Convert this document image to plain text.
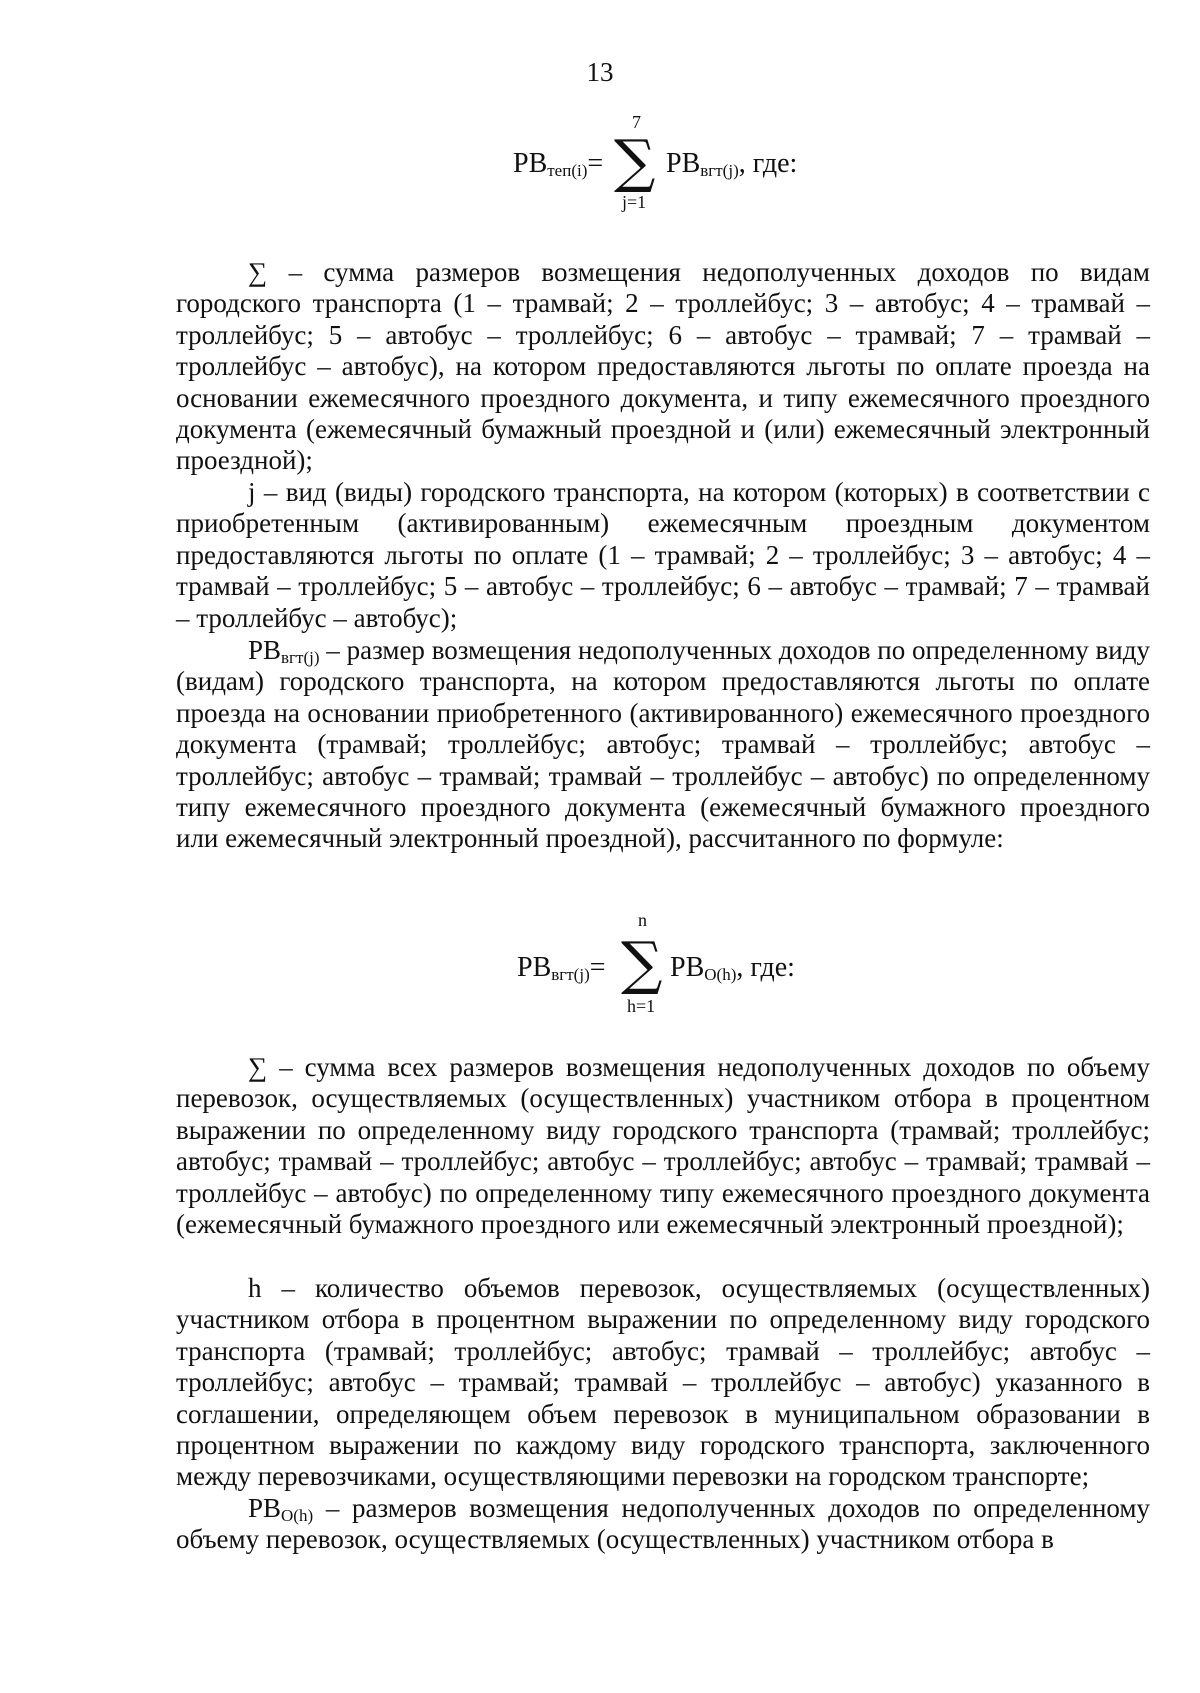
13
$PB_{теп(i)}=$
7
∑
j=1
$PB_{вгт(j)}$, где:

∑ – сумма размеров возмещения недополученных доходов по видам городского транспорта (1 – трамвай; 2 – троллейбус; 3 – автобус; 4 – трамвай – троллейбус; 5 – автобус – троллейбус; 6 – автобус – трамвай; 7 – трамвай – троллейбус – автобус), на котором предоставляются льготы по оплате проезда на основании ежемесячного проездного документа, и типу ежемесячного проездного документа (ежемесячный бумажный проездной и (или) ежемесячный электронный проездной);

j – вид (виды) городского транспорта, на котором (которых) в соответствии с приобретенным (активированным) ежемесячным проездным документом предоставляются льготы по оплате (1 – трамвай; 2 – троллейбус; 3 – автобус; 4 – трамвай – троллейбус; 5 – автобус – троллейбус; 6 – автобус – трамвай; 7 – трамвай – троллейбус – автобус);

$PB_{вгт(j)}$ – размер возмещения недополученных доходов по определенному виду (видам) городского транспорта, на котором предоставляются льготы по оплате проезда на основании приобретенного (активированного) ежемесячного проездного документа (трамвай; троллейбус; автобус; трамвай – троллейбус; автобус – троллейбус; автобус – трамвай; трамвай – троллейбус – автобус) по определенному типу ежемесячного проездного документа (ежемесячный бумажного проездного или ежемесячный электронный проездной), рассчитанного по формуле:

$PB_{вгт(j)}=$
n
∑
h=1
$PB_{O(h)}$, где:

∑ – сумма всех размеров возмещения недополученных доходов по объему перевозок, осуществляемых (осуществленных) участником отбора в процентном выражении по определенному виду городского транспорта (трамвай; троллейбус; автобус; трамвай – троллейбус; автобус – троллейбус; автобус – трамвай; трамвай – троллейбус – автобус) по определенному типу ежемесячного проездного документа (ежемесячный бумажного проездного или ежемесячный электронный проездной);

h – количество объемов перевозок, осуществляемых (осуществленных) участником отбора в процентном выражении по определенному виду городского транспорта (трамвай; троллейбус; автобус; трамвай – троллейбус; автобус – троллейбус; автобус – трамвай; трамвай – троллейбус – автобус) указанного в соглашении, определяющем объем перевозок в муниципальном образовании в процентном выражении по каждому виду городского транспорта, заключенного между перевозчиками, осуществляющими перевозки на городском транспорте;

$PB_{O(h)}$ – размеров возмещения недополученных доходов по определенному объему перевозок, осуществляемых (осуществленных) участником отбора в
